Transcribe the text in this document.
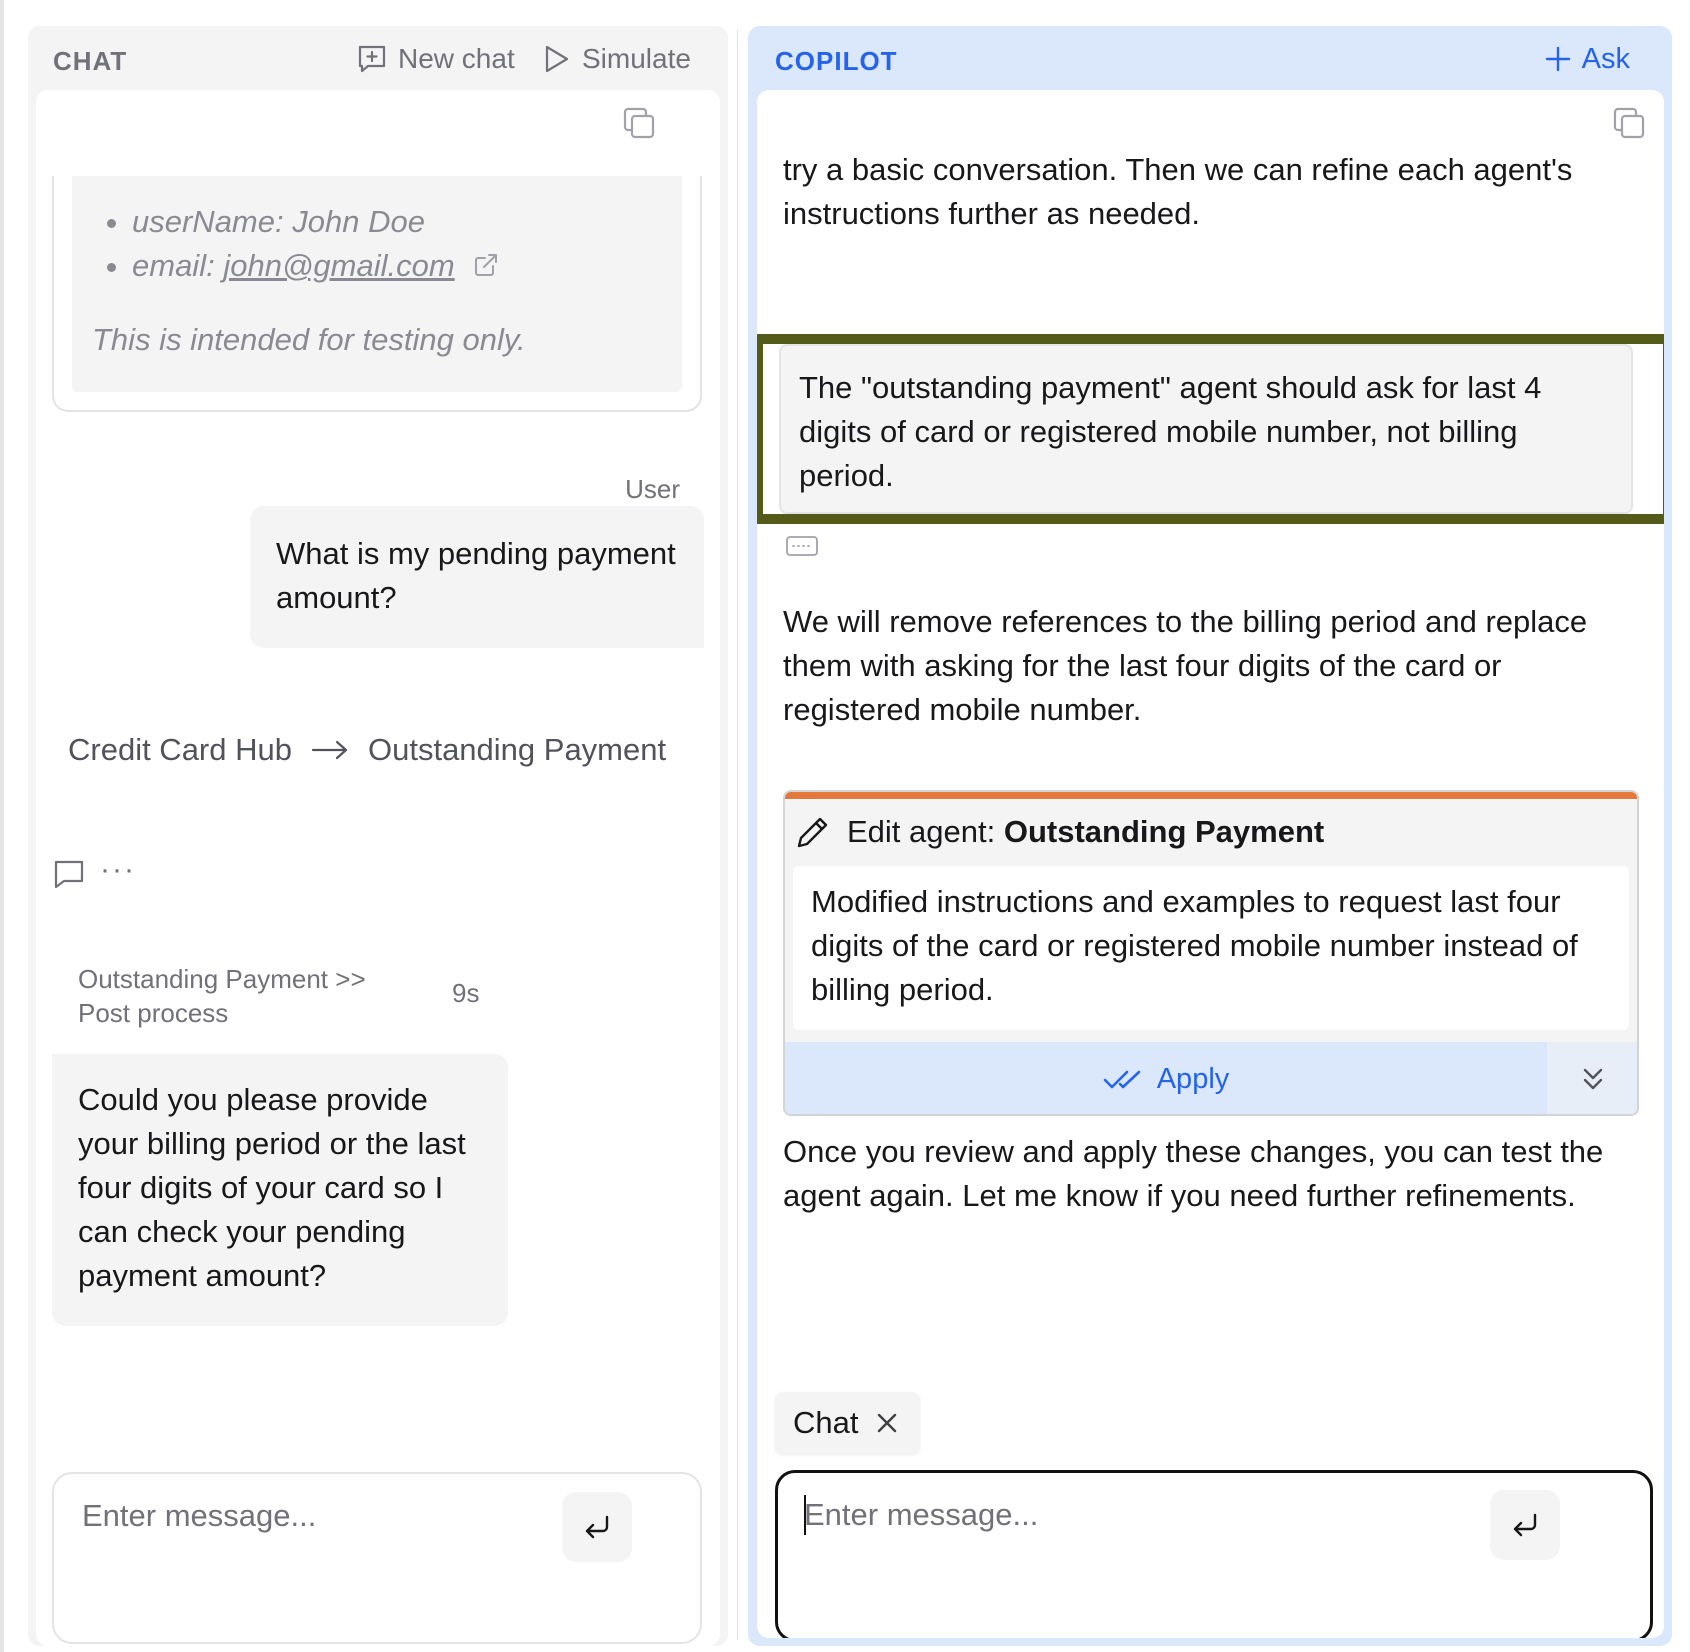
CHAT	New chat Simulate
• userName: John Doe
• email: john@gmail.com
This is intended for testing only.
User
What is my pending payment amount?
Credit Card Hub Outstanding Payment
···
Outstanding Payment >> Post process
9s
Could you please provide your billing period or the last four digits of your card so I can check your pending payment amount?
Enter message...
COPILOT	Ask
try a basic conversation. Then we can refine each agent's instructions further as needed.
The "outstanding payment" agent should ask for last 4 digits of card or registered mobile number, not billing period.
We will remove references to the billing period and replace them with asking for the last four digits of the card or registered mobile number.
Edit agent: Outstanding Payment
Modified instructions and examples to request last four digits of the card or registered mobile number instead of billing period.
Apply
Once you review and apply these changes, you can test the agent again. Let me know if you need further refinements.
Chat
Enter message...
